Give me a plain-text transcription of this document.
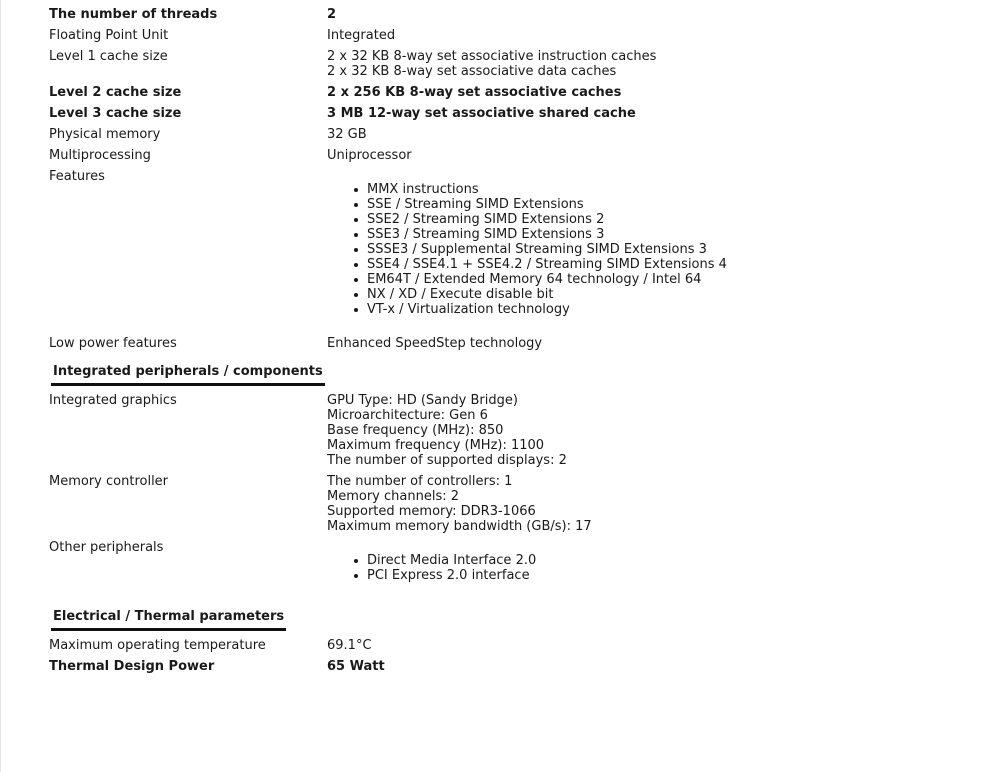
The number of threads	2
Floating Point Unit	Integrated
Level 1 cache size	2 x 32 KB 8-way set associative instruction caches
2 x 32 KB 8-way set associative data caches
Level 2 cache size	2 x 256 KB 8-way set associative caches
Level 3 cache size	3 MB 12-way set associative shared cache
Physical memory	32 GB
Multiprocessing	Uniprocessor
Features
MMX instructions
SSE / Streaming SIMD Extensions
SSE2 / Streaming SIMD Extensions 2
SSE3 / Streaming SIMD Extensions 3
SSSE3 / Supplemental Streaming SIMD Extensions 3
SSE4 / SSE4.1 + SSE4.2 / Streaming SIMD Extensions 4
EM64T / Extended Memory 64 technology / Intel 64
NX / XD / Execute disable bit
VT-x / Virtualization technology
Low power features	Enhanced SpeedStep technology
Integrated peripherals / components
Integrated graphics	GPU Type: HD (Sandy Bridge)
Microarchitecture: Gen 6
Base frequency (MHz): 850
Maximum frequency (MHz): 1100
The number of supported displays: 2
Memory controller	The number of controllers: 1
Memory channels: 2
Supported memory: DDR3-1066
Maximum memory bandwidth (GB/s): 17
Other peripherals
Direct Media Interface 2.0
PCI Express 2.0 interface
Electrical / Thermal parameters
Maximum operating temperature	69.1°C
Thermal Design Power	65 Watt
